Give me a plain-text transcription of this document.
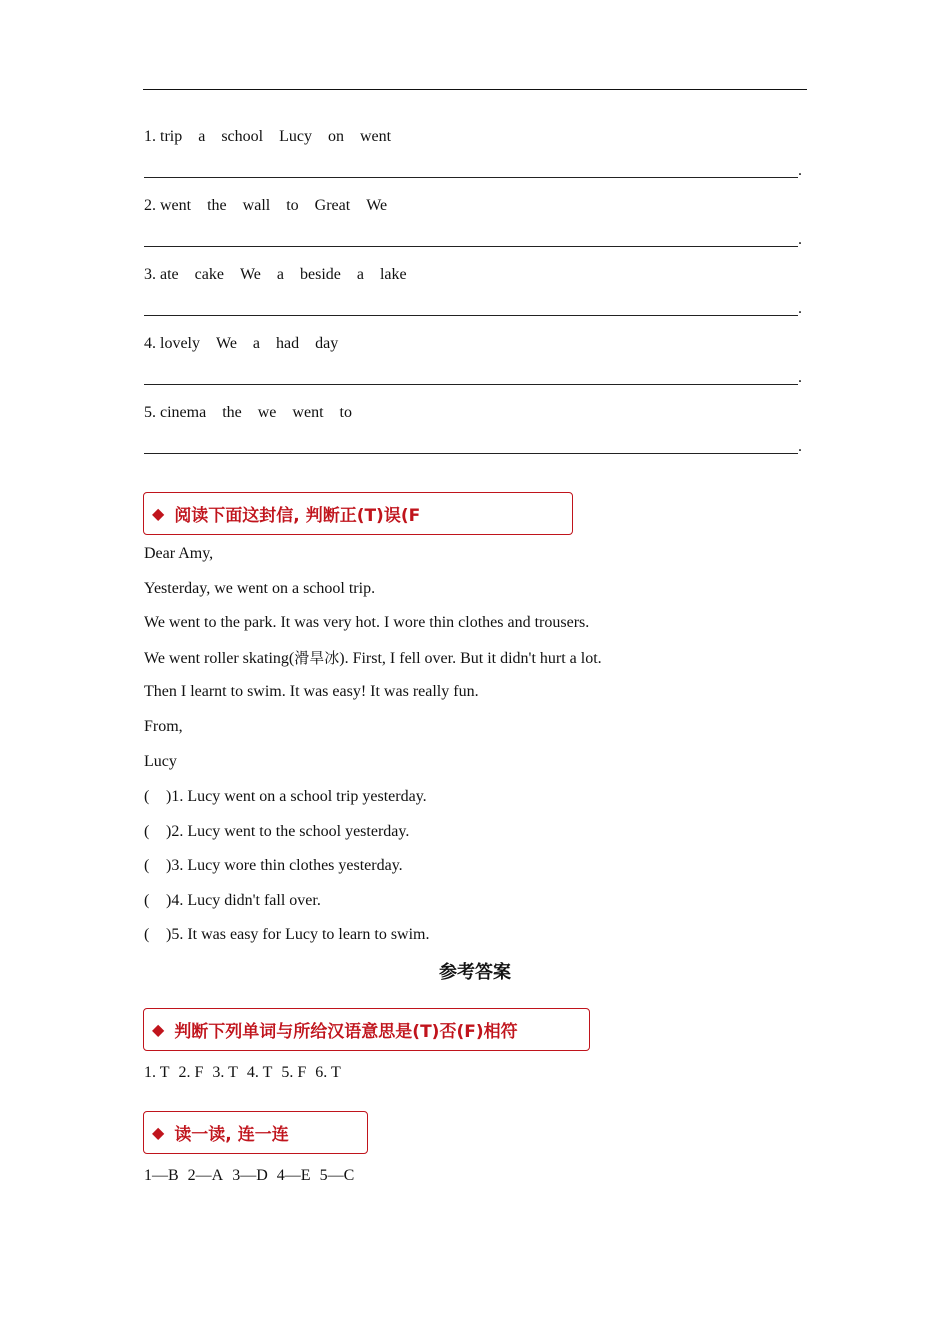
1. trip a school Lucy on went
.
2. went the wall to Great We
.
3. ate cake We a beside a lake
.
4. lovely We a had day
.
5. cinema the we went to
.
◆ 阅读下面这封信, 判断正(T)误(F
Dear Amy,
Yesterday, we went on a school trip.
We went to the park. It was very hot. I wore thin clothes and trousers.
We went roller skating(滑旱冰). First, I fell over. But it didn't hurt a lot.
Then I learnt to swim. It was easy! It was really fun.
From,
Lucy
( )1. Lucy went on a school trip yesterday.
( )2. Lucy went to the school yesterday.
( )3. Lucy wore thin clothes yesterday.
( )4. Lucy didn't fall over.
( )5. It was easy for Lucy to learn to swim.
参考答案
◆ 判断下列单词与所给汉语意思是(T)否(F)相符
1. T 2. F 3. T 4. T 5. F 6. T
◆ 读一读, 连一连
1—B 2—A 3—D 4—E 5—C
